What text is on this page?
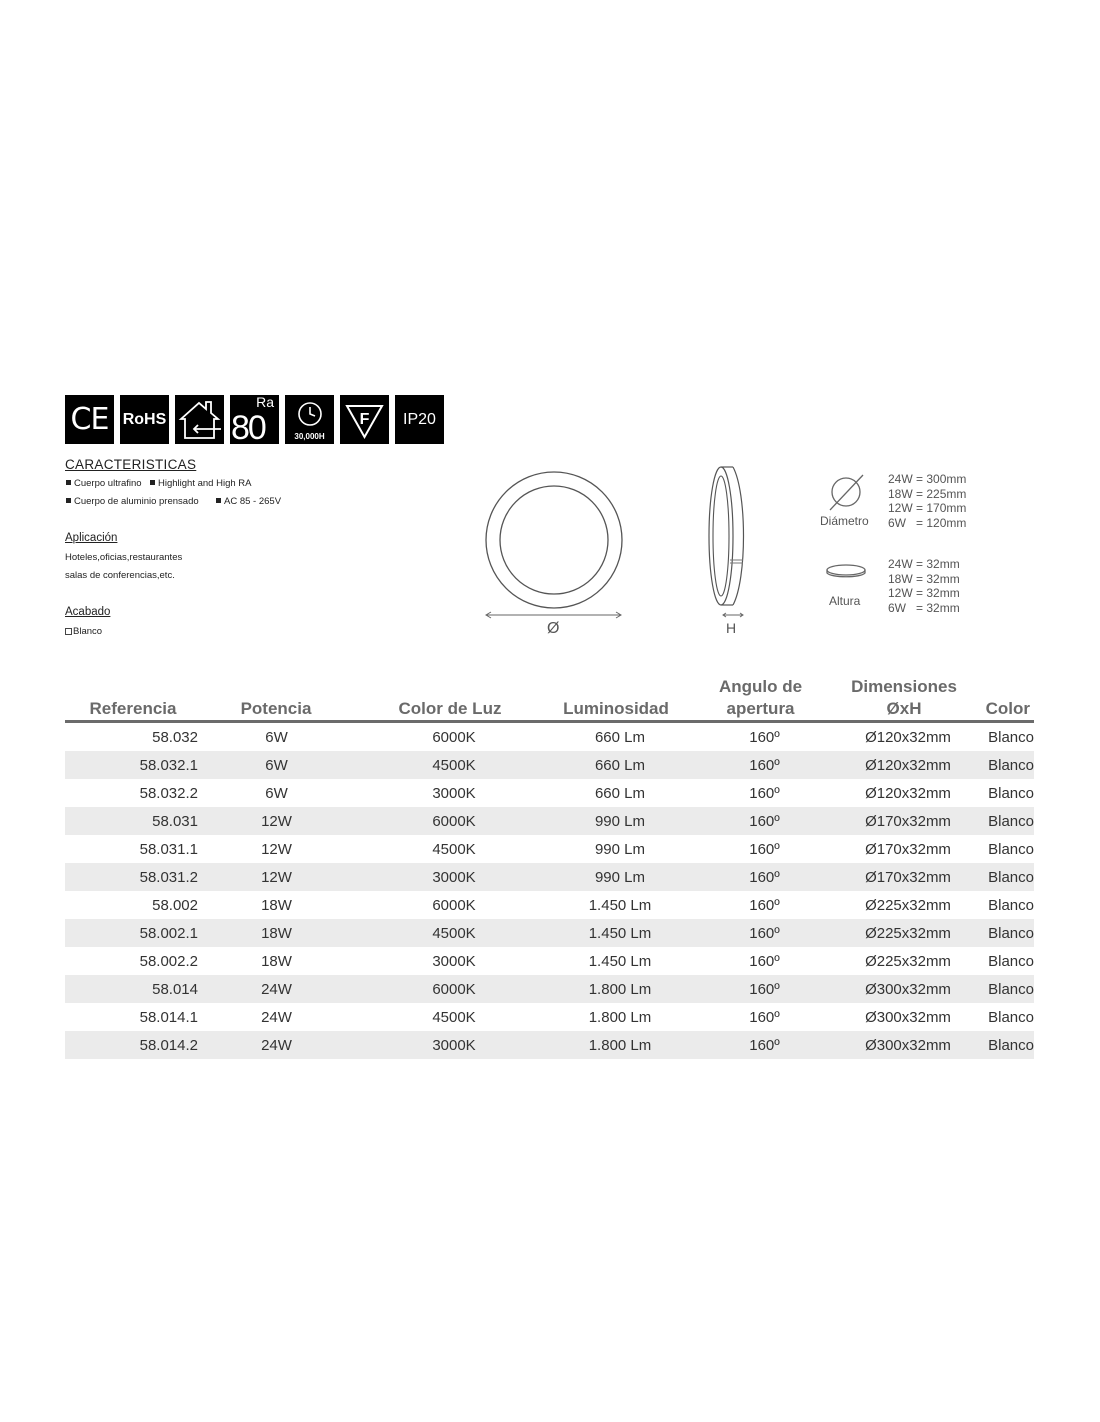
CE RoHS
Ra
80	30,000H
F IP20
CARACTERISTICAS
Cuerpo ultrafino	Highlight and High RA
Cuerpo de aluminio prensado	AC 85 - 265V
Aplicación
Hoteles,oficias,restaurantes
salas de conferencias,etc.
Acabado
Blanco	Ø	H
Diámetro
24W = 300mm
18W = 225mm
12W = 170mm
6W   = 120mm
Altura
24W = 32mm
18W = 32mm
12W = 32mm
6W   = 32mm
Referencia	Potencia	Color de Luz	Luminosidad
Angulo de
apertura
Dimensiones
ØxH	Color
58.032	6W	6000K	660 Lm	160º	Ø120x32mm	Blanco
58.032.1	6W	4500K	660 Lm	160º	Ø120x32mm	Blanco
58.032.2	6W	3000K	660 Lm	160º	Ø120x32mm	Blanco
58.031	12W	6000K	990 Lm	160º	Ø170x32mm	Blanco
58.031.1	12W	4500K	990 Lm	160º	Ø170x32mm	Blanco
58.031.2	12W	3000K	990 Lm	160º	Ø170x32mm	Blanco
58.002	18W	6000K	1.450 Lm	160º	Ø225x32mm	Blanco
58.002.1	18W	4500K	1.450 Lm	160º	Ø225x32mm	Blanco
58.002.2	18W	3000K	1.450 Lm	160º	Ø225x32mm	Blanco
58.014	24W	6000K	1.800 Lm	160º	Ø300x32mm	Blanco
58.014.1	24W	4500K	1.800 Lm	160º	Ø300x32mm	Blanco
58.014.2	24W	3000K	1.800 Lm	160º	Ø300x32mm	Blanco
